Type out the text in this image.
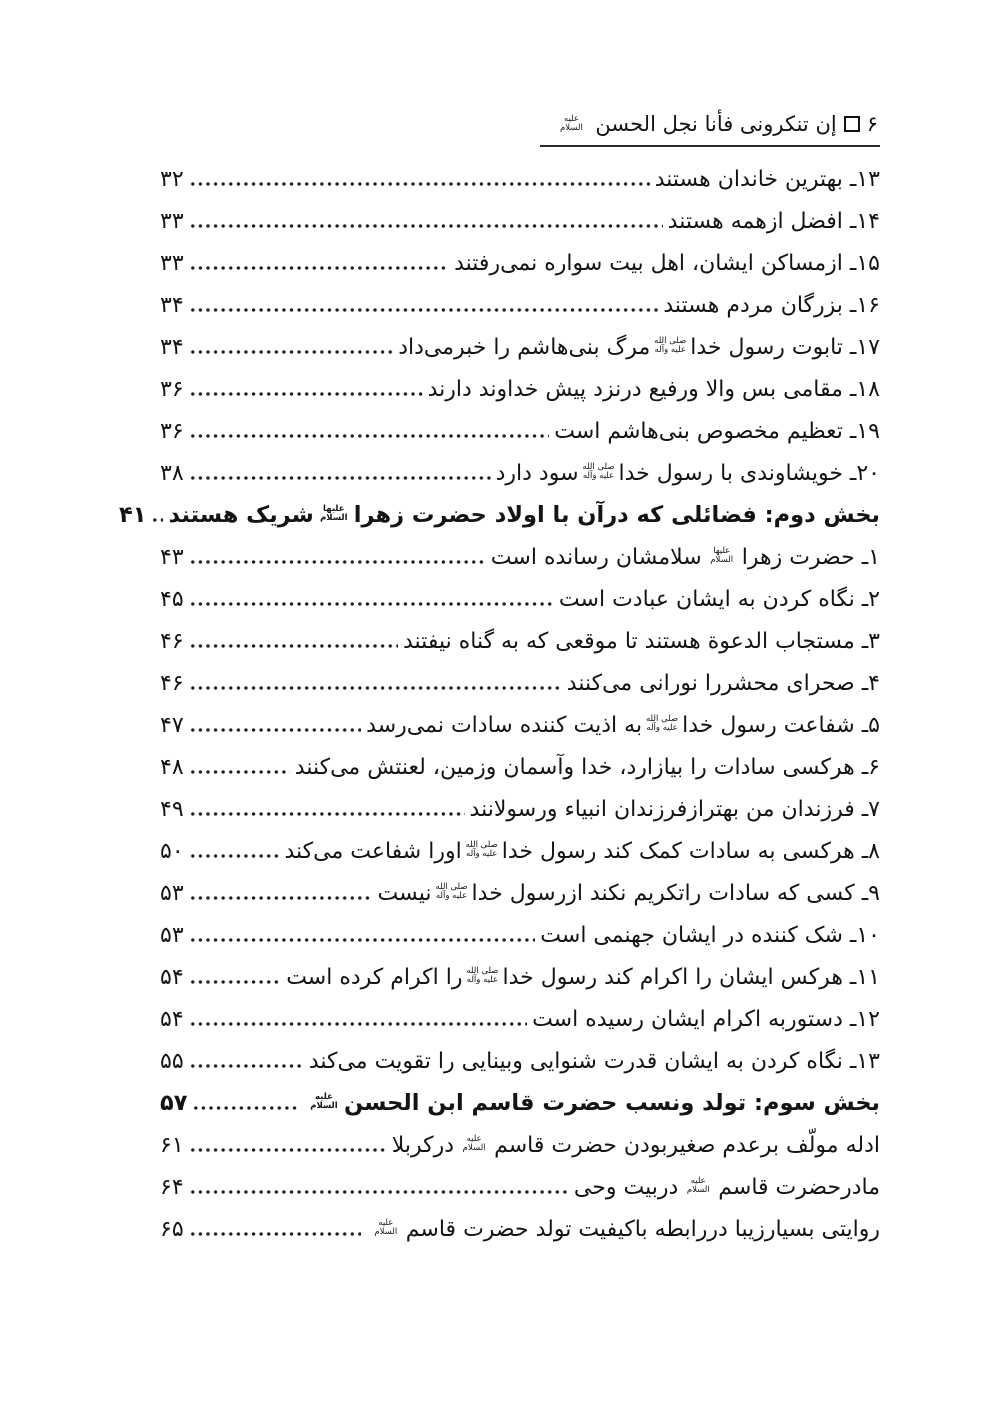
۶
إن تنكرونى فأنا نجل الحسن
عليه السلام
۱۳ـ بهترین خاندان هستند
۳۲
۱۴ـ افضل ازهمه هستند
۳۳
۱۵ـ ازمساکن ایشان، اهل بیت سواره نمی‌رفتند
۳۳
۱۶ـ بزرگان مردم هستند
۳۴
۱۷ـ تابوت رسول خدا
صلى الله عليه وآله
مرگ بنی‌هاشم را خبرمی‌داد
۳۴
۱۸ـ مقامی بس والا ورفیع درنزد پیش خداوند دارند
۳۶
۱۹ـ تعظیم مخصوص بنی‌هاشم است
۳۶
۲۰ـ خویشاوندی با رسول خدا
صلى الله عليه وآله
سود دارد
۳۸
بخش دوم: فضائلی که درآن با اولاد حضرت زهرا
عليها السلام
شریک هستند
۴۱
۱ـ حضرت زهرا
عليها السلام
سلامشان رسانده است
۴۳
۲ـ نگاه کردن به ایشان عبادت است
۴۵
۳ـ مستجاب الدعوة هستند تا موقعی که به گناه نیفتند
۴۶
۴ـ صحرای محشررا نورانی می‌کنند
۴۶
۵ـ شفاعت رسول خدا
صلى الله عليه وآله
به اذیت کننده سادات نمی‌رسد
۴۷
۶ـ هرکسی سادات را بیازارد، خدا وآسمان وزمین، لعنتش می‌کنند
۴۸
۷ـ فرزندان من بهترازفرزندان انبیاء ورسولانند
۴۹
۸ـ هرکسی به سادات کمک کند رسول خدا
صلى الله عليه وآله
اورا شفاعت می‌کند
۵۰
۹ـ کسی که سادات راتکریم نکند ازرسول خدا
صلى الله عليه وآله
نیست
۵۳
۱۰ـ شک کننده در ایشان جهنمی است
۵۳
۱۱ـ هرکس ایشان را اکرام کند رسول خدا
صلى الله عليه وآله
را اکرام کرده است
۵۴
۱۲ـ دستوربه اکرام ایشان رسیده است
۵۴
۱۳ـ نگاه کردن به ایشان قدرت شنوایی وبینایی را تقویت می‌کند
۵۵
بخش سوم: تولد ونسب حضرت قاسم ابن الحسن
عليه السلام
۵۷
ادله مولّف برعدم صغیربودن حضرت قاسم
عليه السلام
درکربلا
۶۱
مادرحضرت قاسم
عليه السلام
دربیت وحی
۶۴
روایتی بسیارزیبا دررابطه باکیفیت تولد حضرت قاسم
عليه السلام
۶۵
